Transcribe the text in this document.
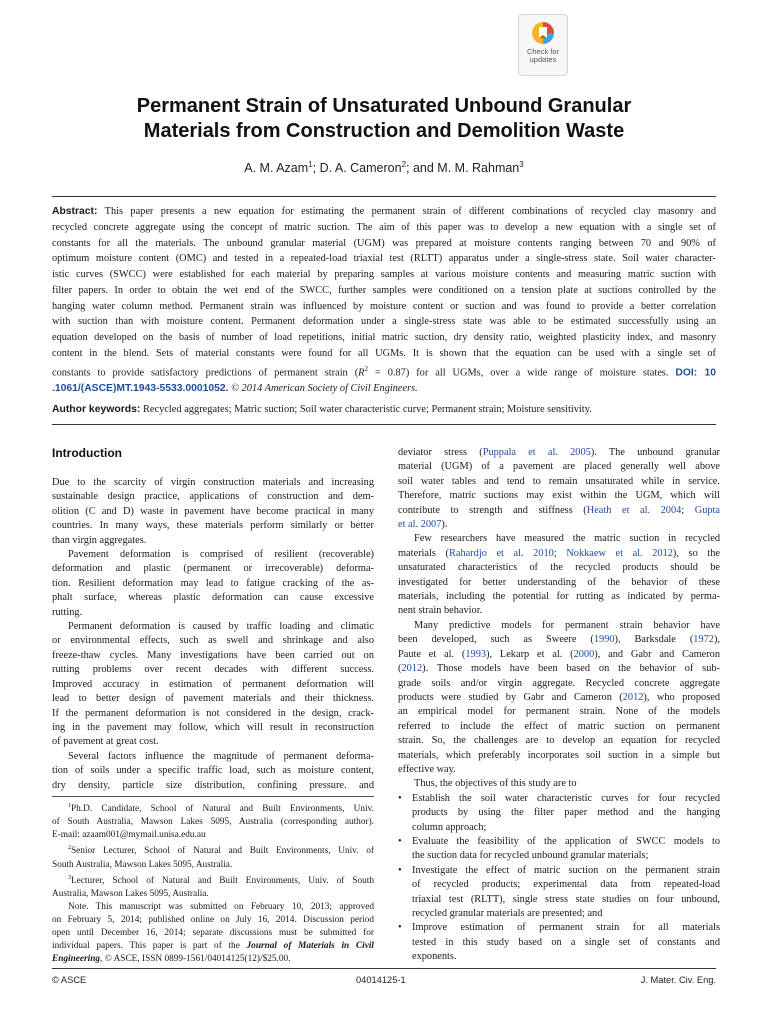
Check for
updates
Permanent Strain of Unsaturated Unbound Granular
Materials from Construction and Demolition Waste
A. M. Azam$^1$; D. A. Cameron$^2$; and M. M. Rahman$^3$
Abstract: This paper presents a new equation for estimating the permanent strain of different combinations of recycled clay masonry and
recycled concrete aggregate using the concept of matric suction. The aim of this paper was to develop a new equation with a single set of
constants for all the materials. The unbound granular material (UGM) was prepared at moisture contents ranging between 70 and 90% of
optimum moisture content (OMC) and tested in a repeated-load triaxial test (RLTT) apparatus under a single-stress state. Soil water character-
istic curves (SWCC) were established for each material by preparing samples at various moisture contents and measuring matric suction with
filter papers. In order to obtain the wet end of the SWCC, further samples were conditioned on a tension plate at suctions controlled by the
hanging water column method. Permanent strain was influenced by moisture content or suction and was found to provide a better correlation
with suction than with moisture content. Permanent deformation under a single-stress state was able to be estimated successfully using an
equation developed on the basis of number of load repetitions, initial matric suction, dry density ratio, weighted plasticity index, and masonry
content in the blend. Sets of material constants were found for all UGMs. It is shown that the equation can be used with a single set of
constants to provide satisfactory predictions of permanent strain $(R^2 = 0.87)$ for all UGMs, over a wide range of moisture states. DOI: 10
.1061/(ASCE)MT.1943-5533.0001052. © 2014 American Society of Civil Engineers.
Author keywords: Recycled aggregates; Matric suction; Soil water characteristic curve; Permanent strain; Moisture sensitivity.
Introduction
Due to the scarcity of virgin construction materials and increasing
sustainable design practice, applications of construction and dem-
olition (C and D) waste in pavement have become practical in many
countries. In many ways, these materials perform similarly or better
than virgin aggregates.
Pavement deformation is comprised of resilient (recoverable)
deformation and plastic (permanent or irrecoverable) deforma-
tion. Resilient deformation may lead to fatigue cracking of the as-
phalt surface, whereas plastic deformation can cause excessive
rutting.
Permanent deformation is caused by traffic loading and climatic
or environmental effects, such as swell and shrinkage and also
freeze-thaw cycles. Many investigations have been carried out on
rutting problems over recent decades with different success.
Improved accuracy in estimation of permanent deformation will
lead to better design of pavement materials and their thickness.
If the permanent deformation is not considered in the design, crack-
ing in the pavement may follow, which will result in reconstruction
of pavement at great cost.
Several factors influence the magnitude of permanent deforma-
tion of soils under a specific traffic load, such as moisture content,
dry density, particle size distribution, confining pressure. and
$^1$Ph.D. Candidate, School of Natural and Built Environments, Univ.
of South Australia, Mawson Lakes 5095, Australia (corresponding author).
E-mail: azaam001@mymail.unisa.edu.au
$^2$Senior Lecturer, School of Natural and Built Environments, Univ. of
South Australia, Mawson Lakes 5095, Australia.
$^3$Lecturer, School of Natural and Built Environments, Univ. of South
Australia, Mawson Lakes 5095, Australia.
Note. This manuscript was submitted on February 10, 2013; approved
on February 5, 2014; published online on July 16, 2014. Discussion period
open until December 16, 2014; separate discussions must be submitted for
individual papers. This paper is part of the Journal of Materials in Civil
Engineering, © ASCE, ISSN 0899-1561/04014125(12)/$25.00.
deviator stress (Puppala et al. 2005). The unbound granular
material (UGM) of a pavement are placed generally well above
soil water tables and tend to remain unsaturated while in service.
Therefore, matric suctions may exist within the UGM, which will
contribute to strength and stiffness (Heath et al. 2004; Gupta
et al. 2007).
Few researchers have measured the matric suction in recycled
materials (Rahardjo et al. 2010; Nokkaew et al. 2012), so the
unsaturated characteristics of the recycled products should be
investigated for better understanding of the behavior of these
materials, including the potential for rutting as indicated by perma-
nent strain behavior.
Many predictive models for permanent strain behavior have
been developed, such as Sweere (1990), Barksdale (1972),
Paute et al. (1993), Lekarp et al. (2000), and Gabr and Cameron
(2012). Those models have been based on the behavior of sub-
grade soils and/or virgin aggregate. Recycled concrete aggregate
products were studied by Gabr and Cameron (2012), who proposed
an empirical model for permanent strain. None of the models
referred to include the effect of matric suction on permanent
strain. So, the challenges are to develop an equation for recycled
materials, which preferably incorporates soil suction in a simple but
effective way.
Thus, the objectives of this study are to
• Establish the soil water characteristic curves for four recycled
products by using the filter paper method and the hanging
column approach;
• Evaluate the feasibility of the application of SWCC models to
the suction data for recycled unbound granular materials;
• Investigate the effect of matric suction on the permanent strain
of recycled products; experimental data from repeated-load
triaxial test (RLTT), single stress state studies on four unbound,
recycled granular materials are presented; and
• Improve estimation of permanent strain for all materials
tested in this study based on a single set of constants and
exponents.
© ASCE	04014125-1	J. Mater. Civ. Eng.
